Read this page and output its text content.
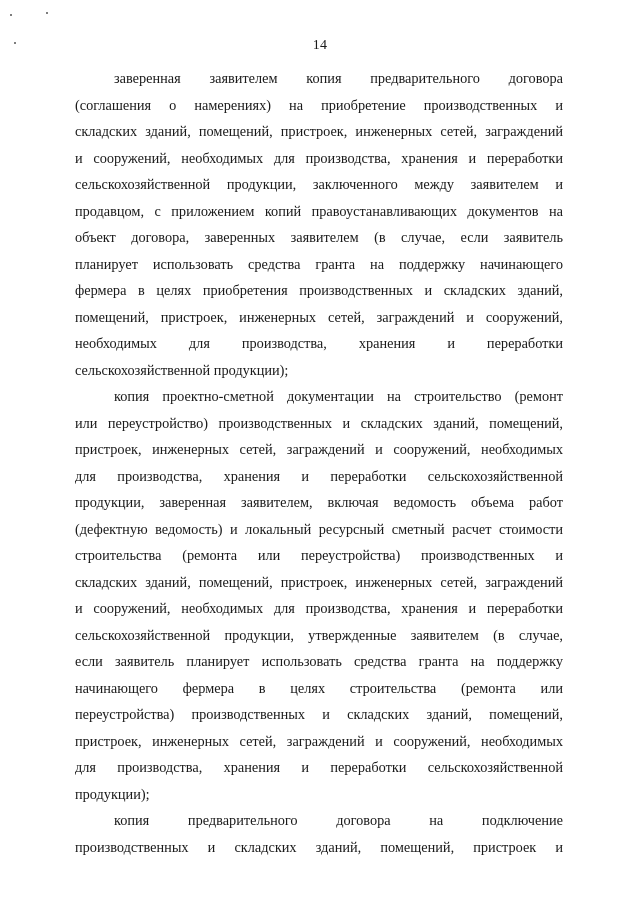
14

заверенная заявителем копия предварительного договора
(соглашения о намерениях) на приобретение производственных и
складских зданий, помещений, пристроек, инженерных сетей, заграждений
и сооружений, необходимых для производства, хранения и переработки
сельскохозяйственной продукции, заключенного между заявителем и
продавцом, с приложением копий правоустанавливающих документов на
объект договора, заверенных заявителем (в случае, если заявитель
планирует использовать средства гранта на поддержку начинающего
фермера в целях приобретения производственных и складских зданий,
помещений, пристроек, инженерных сетей, заграждений и сооружений,
необходимых для производства, хранения и переработки
сельскохозяйственной продукции);

копия проектно-сметной документации на строительство (ремонт
или переустройство) производственных и складских зданий, помещений,
пристроек, инженерных сетей, заграждений и сооружений, необходимых
для производства, хранения и переработки сельскохозяйственной
продукции, заверенная заявителем, включая ведомость объема работ
(дефектную ведомость) и локальный ресурсный сметный расчет стоимости
строительства (ремонта или переустройства) производственных и
складских зданий, помещений, пристроек, инженерных сетей, заграждений
и сооружений, необходимых для производства, хранения и переработки
сельскохозяйственной продукции, утвержденные заявителем (в случае,
если заявитель планирует использовать средства гранта на поддержку
начинающего фермера в целях строительства (ремонта или
переустройства) производственных и складских зданий, помещений,
пристроек, инженерных сетей, заграждений и сооружений, необходимых
для производства, хранения и переработки сельскохозяйственной
продукции);

копия предварительного договора на подключение
производственных и складских зданий, помещений, пристроек и
